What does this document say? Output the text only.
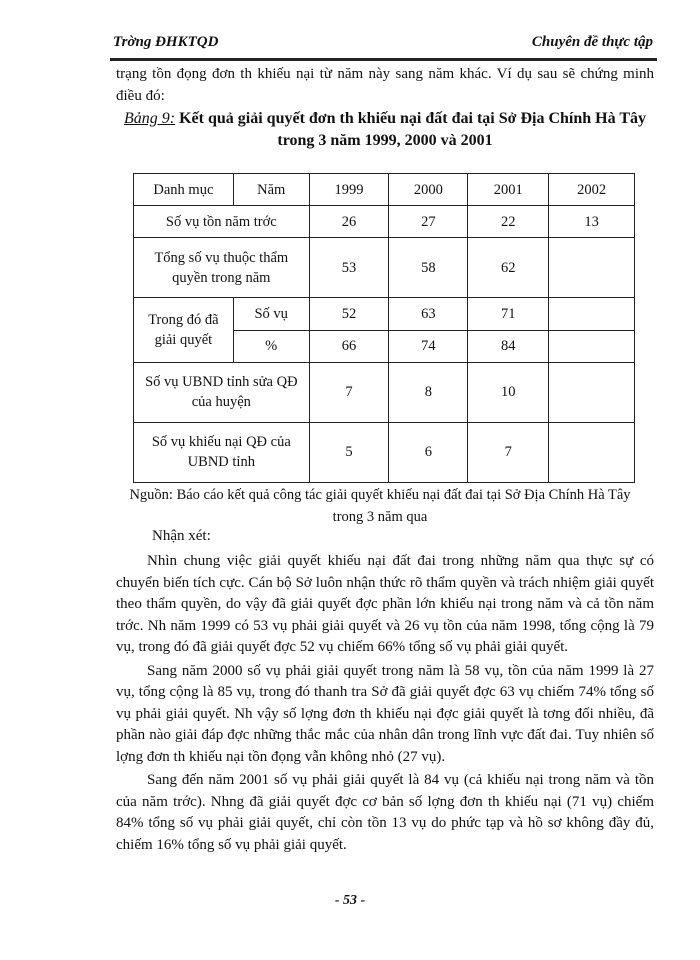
Trờng ĐHKTQD	Chuyên đề thực tập
trạng tồn đọng đơn th khiếu nại từ năm này sang năm khác. Ví dụ sau sẽ chứng minh điều đó:
Bảng 9: Kết quả giải quyết đơn th khiếu nại đất đai tại Sở Địa Chính Hà Tây trong 3 năm 1999, 2000 và 2001
Danh mục	Năm	1999	2000	2001	2002
Số vụ tồn năm trớc		26	27	22	13
Tổng số vụ thuộc thẩm quyền trong năm		53	58	62	
Trong đó đã giải quyết	Số vụ	52	63	71	
	%	66	74	84	
Số vụ UBND tỉnh sửa QĐ của huyện		7	8	10	
Số vụ khiếu nại QĐ của UBND tỉnh		5	6	7	
Nguồn: Báo cáo kết quả công tác giải quyết khiếu nại đất đai tại Sở Địa Chính Hà Tây trong 3 năm qua
Nhận xét:

Nhìn chung việc giải quyết khiếu nại đất đai trong những năm qua thực sự có chuyển biến tích cực. Cán bộ Sở luôn nhận thức rõ thẩm quyền và trách nhiệm giải quyết theo thẩm quyền, do vậy đã giải quyết đợc phần lớn khiếu nại trong năm và cả tồn năm trớc. Nh năm 1999 có 53 vụ phải giải quyết và 26 vụ tồn của năm 1998, tổng cộng là 79 vụ, trong đó đã giải quyết đợc 52 vụ chiếm 66% tổng số vụ phải giải quyết.

Sang năm 2000 số vụ phải giải quyết trong năm là 58 vụ, tồn của năm 1999 là 27 vụ, tổng cộng là 85 vụ, trong đó thanh tra Sở đã giải quyết đợc 63 vụ chiếm 74% tổng số vụ phải giải quyết. Nh vậy số lợng đơn th khiếu nại đợc giải quyết là tơng đối nhiều, đã phần nào giải đáp đợc những thắc mắc của nhân dân trong lĩnh vực đất đai. Tuy nhiên số lợng đơn th khiếu nại tồn đọng vẫn không nhỏ (27 vụ).

Sang đến năm 2001 số vụ phải giải quyết là 84 vụ (cả khiếu nại trong năm và tồn của năm trớc). Nhng đã giải quyết đợc cơ bản số lợng đơn th khiếu nại (71 vụ) chiếm 84% tổng số vụ phải giải quyết, chỉ còn tồn 13 vụ do phức tạp và hồ sơ không đầy đủ, chiếm 16% tổng số vụ phải giải quyết.

- 53 -
